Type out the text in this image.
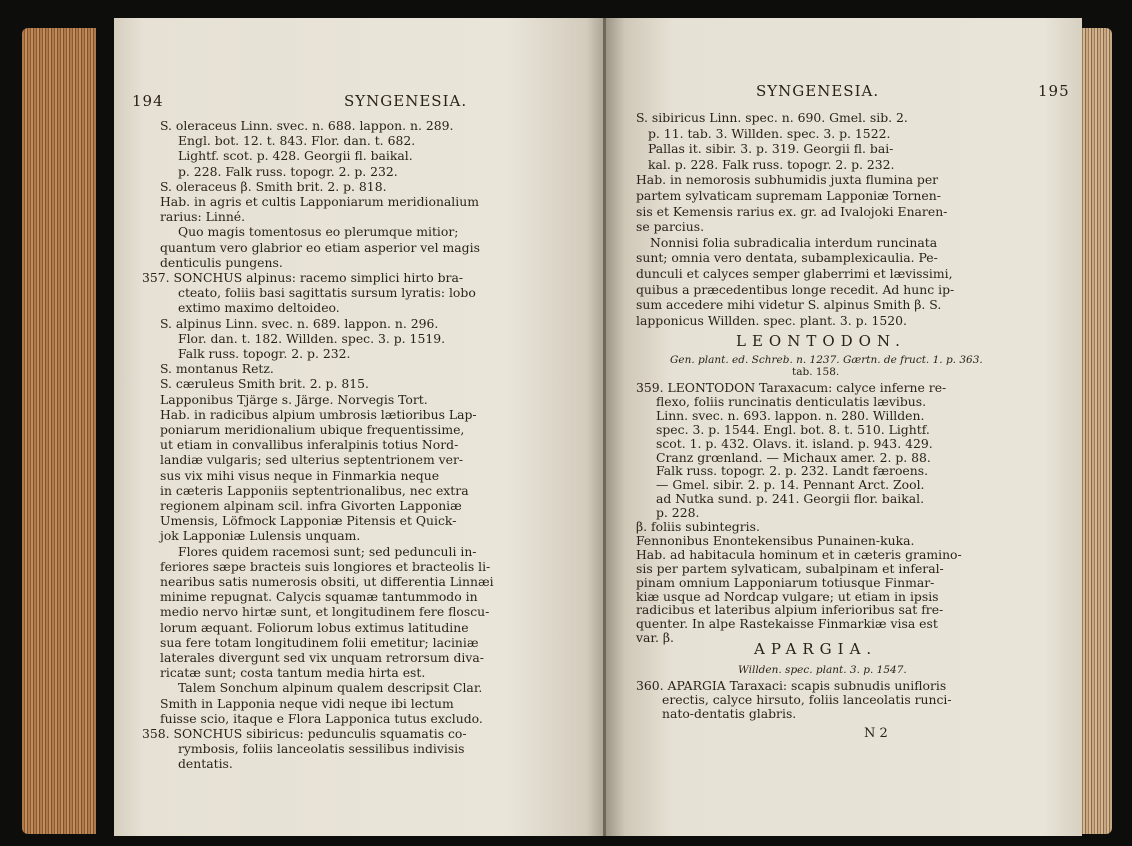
194	SYNGENESIA.
S. oleraceus Linn. svec. n. 688. lappon. n. 289.
Engl. bot. 12. t. 843. Flor. dan. t. 682.
Lightf. scot. p. 428. Georgii fl. baikal.
p. 228. Falk russ. topogr. 2. p. 232.
S. oleraceus β. Smith brit. 2. p. 818.
Hab. in agris et cultis Lapponiarum meridionalium
rarius: Linné.
Quo magis tomentosus eo plerumque mitior;
quantum vero glabrior eo etiam asperior vel magis
denticulis pungens.
357. SONCHUS alpinus: racemo simplici hirto bra-
cteato, foliis basi sagittatis sursum lyratis: lobo
extimo maximo deltoideo.
S. alpinus Linn. svec. n. 689. lappon. n. 296.
Flor. dan. t. 182. Willden. spec. 3. p. 1519.
Falk russ. topogr. 2. p. 232.
S. montanus Retz.
S. cæruleus Smith brit. 2. p. 815.
Lapponibus Tjärge s. Järge. Norvegis Tort.
Hab. in radicibus alpium umbrosis lætioribus Lap-
poniarum meridionalium ubique frequentissime,
ut etiam in convallibus inferalpinis totius Nord-
landiæ vulgaris; sed ulterius septentrionem ver-
sus vix mihi visus neque in Finmarkia neque
in cæteris Lapponiis septentrionalibus, nec extra
regionem alpinam scil. infra Givorten Lapponiæ
Umensis, Löfmock Lapponiæ Pitensis et Quick-
jok Lapponiæ Lulensis unquam.
Flores quidem racemosi sunt; sed pedunculi in-
feriores sæpe bracteis suis longiores et bracteolis li-
nearibus satis numerosis obsiti, ut differentia Linnæi
minime repugnat. Calycis squamæ tantummodo in
medio nervo hirtæ sunt, et longitudinem fere floscu-
lorum æquant. Foliorum lobus extimus latitudine
sua fere totam longitudinem folii emetitur; laciniæ
laterales divergunt sed vix unquam retrorsum diva-
ricatæ sunt; costa tantum media hirta est.
Talem Sonchum alpinum qualem descripsit Clar.
Smith in Lapponia neque vidi neque ibi lectum
fuisse scio, itaque e Flora Lapponica tutus excludo.
358. SONCHUS sibiricus: pedunculis squamatis co-
rymbosis, foliis lanceolatis sessilibus indivisis
dentatis.
SYNGENESIA.	195
S. sibiricus Linn. spec. n. 690. Gmel. sib. 2.
p. 11. tab. 3. Willden. spec. 3. p. 1522.
Pallas it. sibir. 3. p. 319. Georgii fl. bai-
kal. p. 228. Falk russ. topogr. 2. p. 232.
Hab. in nemorosis subhumidis juxta flumina per
partem sylvaticam supremam Lapponiæ Tornen-
sis et Kemensis rarius ex. gr. ad Ivalojoki Enaren-
se parcius.
Nonnisi folia subradicalia interdum runcinata
sunt; omnia vero dentata, subamplexicaulia. Pe-
dunculi et calyces semper glaberrimi et lævissimi,
quibus a præcedentibus longe recedit. Ad hunc ip-
sum accedere mihi videtur S. alpinus Smith β. S.
lapponicus Willden. spec. plant. 3. p. 1520.
LEONTODON.
Gen. plant. ed. Schreb. n. 1237. Gærtn. de fruct. 1. p. 363.
tab. 158.
359. LEONTODON Taraxacum: calyce inferne re-
flexo, foliis runcinatis denticulatis lævibus.
Linn. svec. n. 693. lappon. n. 280. Willden.
spec. 3. p. 1544. Engl. bot. 8. t. 510. Lightf.
scot. 1. p. 432. Olavs. it. island. p. 943. 429.
Cranz grœnland. — Michaux amer. 2. p. 88.
Falk russ. topogr. 2. p. 232. Landt færoens.
— Gmel. sibir. 2. p. 14. Pennant Arct. Zool.
ad Nutka sund. p. 241. Georgii flor. baikal.
p. 228.
β. foliis subintegris.
Fennonibus Enontekensibus Punainen-kuka.
Hab. ad habitacula hominum et in cæteris gramino-
sis per partem sylvaticam, subalpinam et inferal-
pinam omnium Lapponiarum totiusque Finmar-
kiæ usque ad Nordcap vulgare; ut etiam in ipsis
radicibus et lateribus alpium inferioribus sat fre-
quenter. In alpe Rastekaisse Finmarkiæ visa est
var. β.
APARGIA.
Willden. spec. plant. 3. p. 1547.
360. APARGIA Taraxaci: scapis subnudis unifloris
erectis, calyce hirsuto, foliis lanceolatis runci-
nato-dentatis glabris.
N 2
